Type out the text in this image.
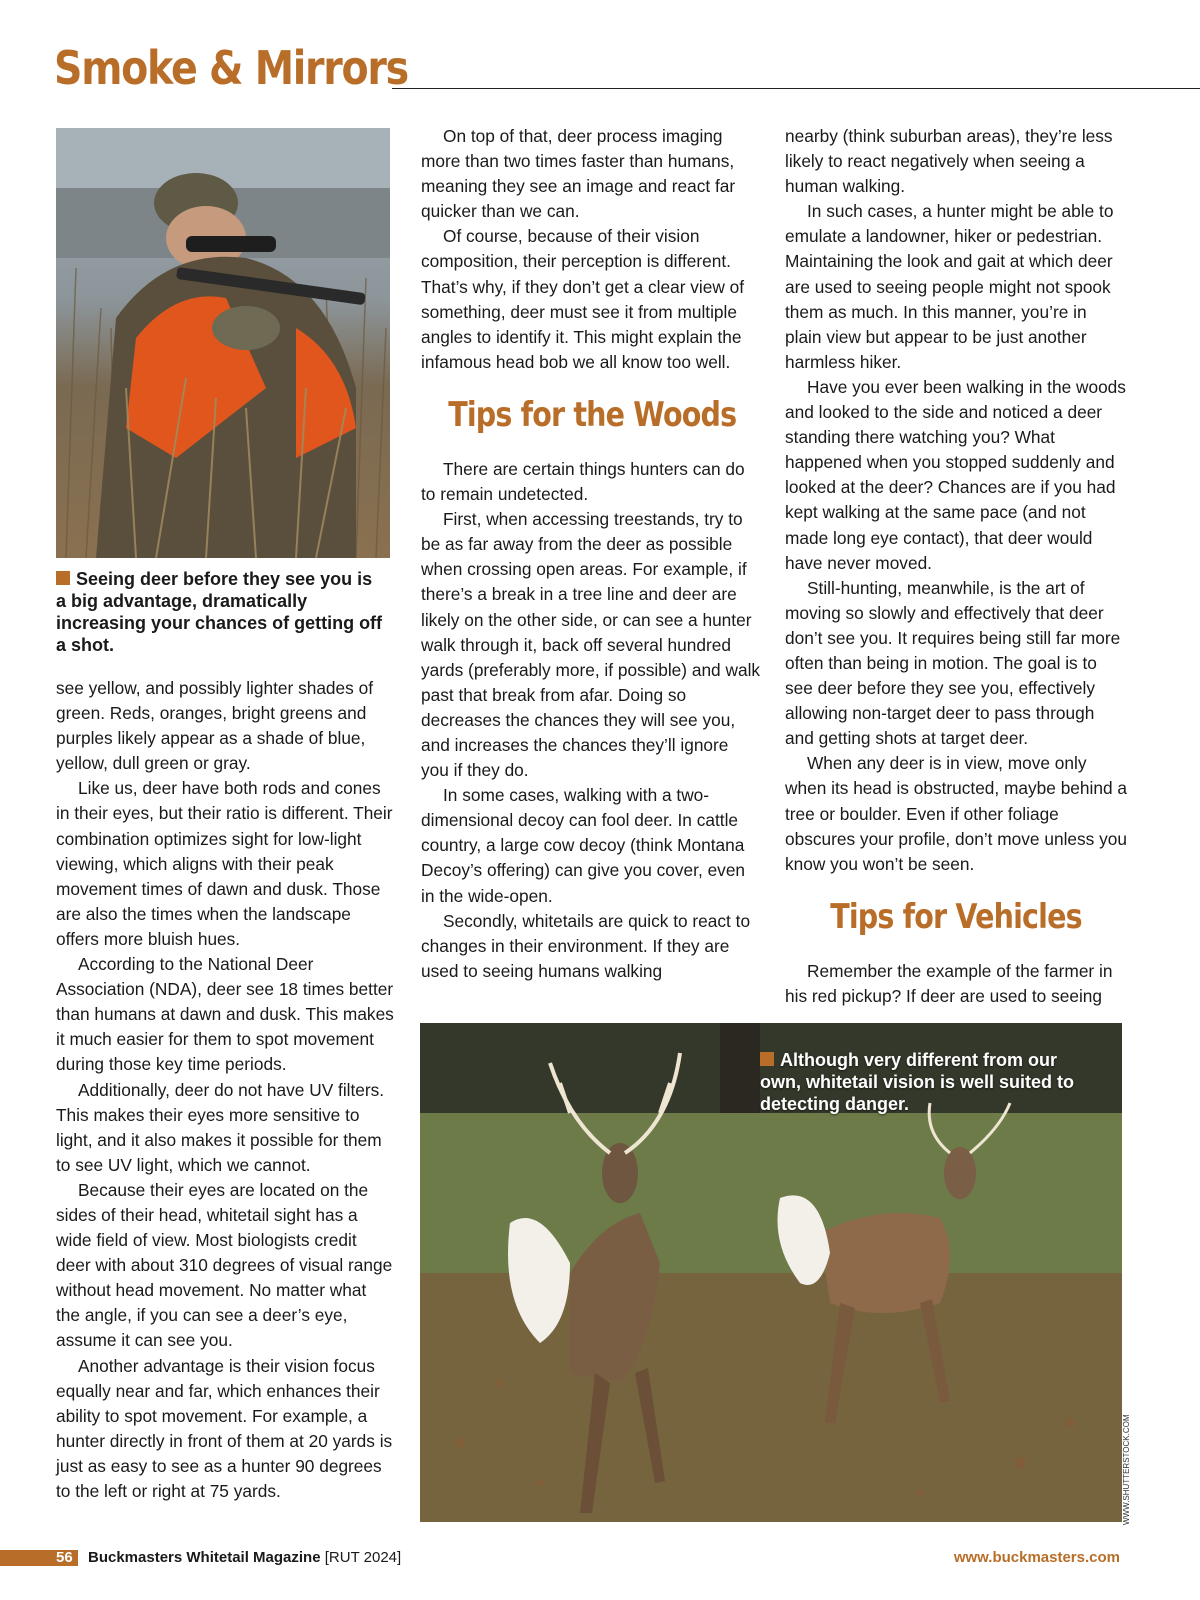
Smoke & Mirrors
Seeing deer before they see you is a big advantage, dramatically increasing your chances of getting off a shot.

see yellow, and possibly lighter shades of green. Reds, oranges, bright greens and purples likely appear as a shade of blue, yellow, dull green or gray.

Like us, deer have both rods and cones in their eyes, but their ratio is different. Their combination optimizes sight for low-light viewing, which aligns with their peak movement times of dawn and dusk. Those are also the times when the landscape offers more bluish hues.

According to the National Deer Association (NDA), deer see 18 times better than humans at dawn and dusk. This makes it much easier for them to spot movement during those key time periods.

Additionally, deer do not have UV filters. This makes their eyes more sensitive to light, and it also makes it possible for them to see UV light, which we cannot.

Because their eyes are located on the sides of their head, whitetail sight has a wide field of view. Most biologists credit deer with about 310 degrees of visual range without head movement. No matter what the angle, if you can see a deer’s eye, assume it can see you.

Another advantage is their vision focus equally near and far, which enhances their ability to spot movement. For example, a hunter directly in front of them at 20 yards is just as easy to see as a hunter 90 degrees to the left or right at 75 yards.

On top of that, deer process imaging more than two times faster than humans, meaning they see an image and react far quicker than we can.

Of course, because of their vision composition, their perception is different. That’s why, if they don’t get a clear view of something, deer must see it from multiple angles to identify it. This might explain the infamous head bob we all know too well.

Tips for the Woods

There are certain things hunters can do to remain undetected.

First, when accessing treestands, try to be as far away from the deer as possible when crossing open areas. For example, if there’s a break in a tree line and deer are likely on the other side, or can see a hunter walk through it, back off several hundred yards (preferably more, if possible) and walk past that break from afar. Doing so decreases the chances they will see you, and increases the chances they’ll ignore you if they do.

In some cases, walking with a two-dimensional decoy can fool deer. In cattle country, a large cow decoy (think Montana Decoy’s offering) can give you cover, even in the wide-open.

Secondly, whitetails are quick to react to changes in their environment. If they are used to seeing humans walking

nearby (think suburban areas), they’re less likely to react negatively when seeing a human walking.

In such cases, a hunter might be able to emulate a landowner, hiker or pedestrian. Maintaining the look and gait at which deer are used to seeing people might not spook them as much. In this manner, you’re in plain view but appear to be just another harmless hiker.

Have you ever been walking in the woods and looked to the side and noticed a deer standing there watching you? What happened when you stopped suddenly and looked at the deer? Chances are if you had kept walking at the same pace (and not made long eye contact), that deer would have never moved.

Still-hunting, meanwhile, is the art of moving so slowly and effectively that deer don’t see you. It requires being still far more often than being in motion. The goal is to see deer before they see you, effectively allowing non-target deer to pass through and getting shots at target deer.

When any deer is in view, move only when its head is obstructed, maybe behind a tree or boulder. Even if other foliage obscures your profile, don’t move unless you know you won’t be seen.

Tips for Vehicles

Remember the example of the farmer in his red pickup? If deer are used to seeing

Although very different from our own, whitetail vision is well suited to detecting danger.
WWW.SHUTTERSTOCK.COM
56 Buckmasters Whitetail Magazine [RUT 2024]	www.buckmasters.com
